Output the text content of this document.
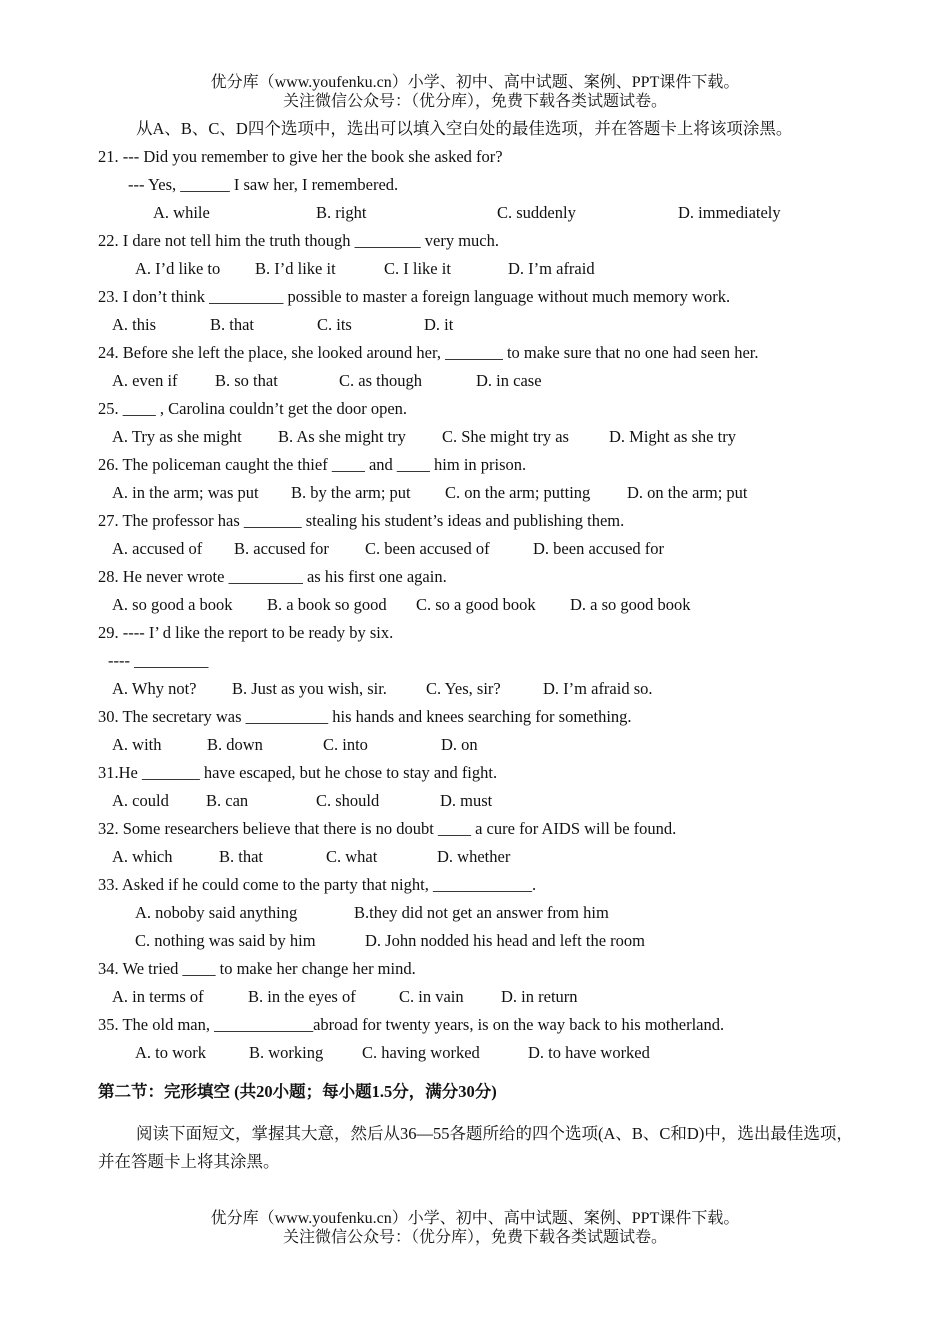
优分库（www.youfenku.cn）小学、初中、高中试题、案例、PPT课件下载。
关注微信公众号：（优分库），免费下载各类试题试卷。
从A、B、C、D四个选项中，选出可以填入空白处的最佳选项，并在答题卡上将该项涂黑。
21. --- Did you remember to give her the book she asked for?
--- Yes, ______ I saw her, I remembered.
A. while	B. right	C. suddenly	D. immediately
22. I dare not tell him the truth though ________ very much.
A. I’d like to	B. I’d like it	C. I like it	D. I’m afraid
23. I don’t think _________ possible to master a foreign language without much memory work.
A. this	B. that	C. its	D. it
24. Before she left the place, she looked around her, _______ to make sure that no one had seen her.
A. even if	B. so that	C. as though	D. in case
25. ____ , Carolina couldn’t get the door open.
A. Try as she might	B. As she might try	C. She might try as	D. Might as she try
26. The policeman caught the thief ____ and ____ him in prison.
A. in the arm; was put	B. by the arm; put	C. on the arm; putting	D. on the arm; put
27. The professor has _______ stealing his student’s ideas and publishing them.
A. accused of	B. accused for	C. been accused of	D. been accused for
28. He never wrote _________ as his first one again.
A. so good a book	B. a book so good	C. so a good book	D. a so good book
29. ---- I’ d like the report to be ready by six.
---- _________
A. Why not?	B. Just as you wish, sir.	C. Yes, sir?	D. I’m afraid so.
30. The secretary was __________ his hands and knees searching for something.
A. with	B. down	C. into	D. on
31.He _______ have escaped, but he chose to stay and fight.
A. could	B. can	C. should	D. must
32. Some researchers believe that there is no doubt ____ a cure for AIDS will be found.
A. which	B. that	C. what	D. whether
33. Asked if he could come to the party that night, ____________.
A. noboby said anything	B.they did not get an answer from him
C. nothing was said by him	D. John nodded his head and left the room
34. We tried ____ to make her change her mind.
A. in terms of	B. in the eyes of	C. in vain	D. in return
35. The old man, ____________abroad for twenty years, is on the way back to his motherland.
A. to work	B. working	C. having worked	D. to have worked
第二节：完形填空 (共20小题；每小题1.5分，满分30分)
阅读下面短文，掌握其大意，然后从36—55各题所给的四个选项(A、B、C和D)中，选出最佳选项，并在答题卡上将其涂黑。
优分库（www.youfenku.cn）小学、初中、高中试题、案例、PPT课件下载。
关注微信公众号：（优分库），免费下载各类试题试卷。
